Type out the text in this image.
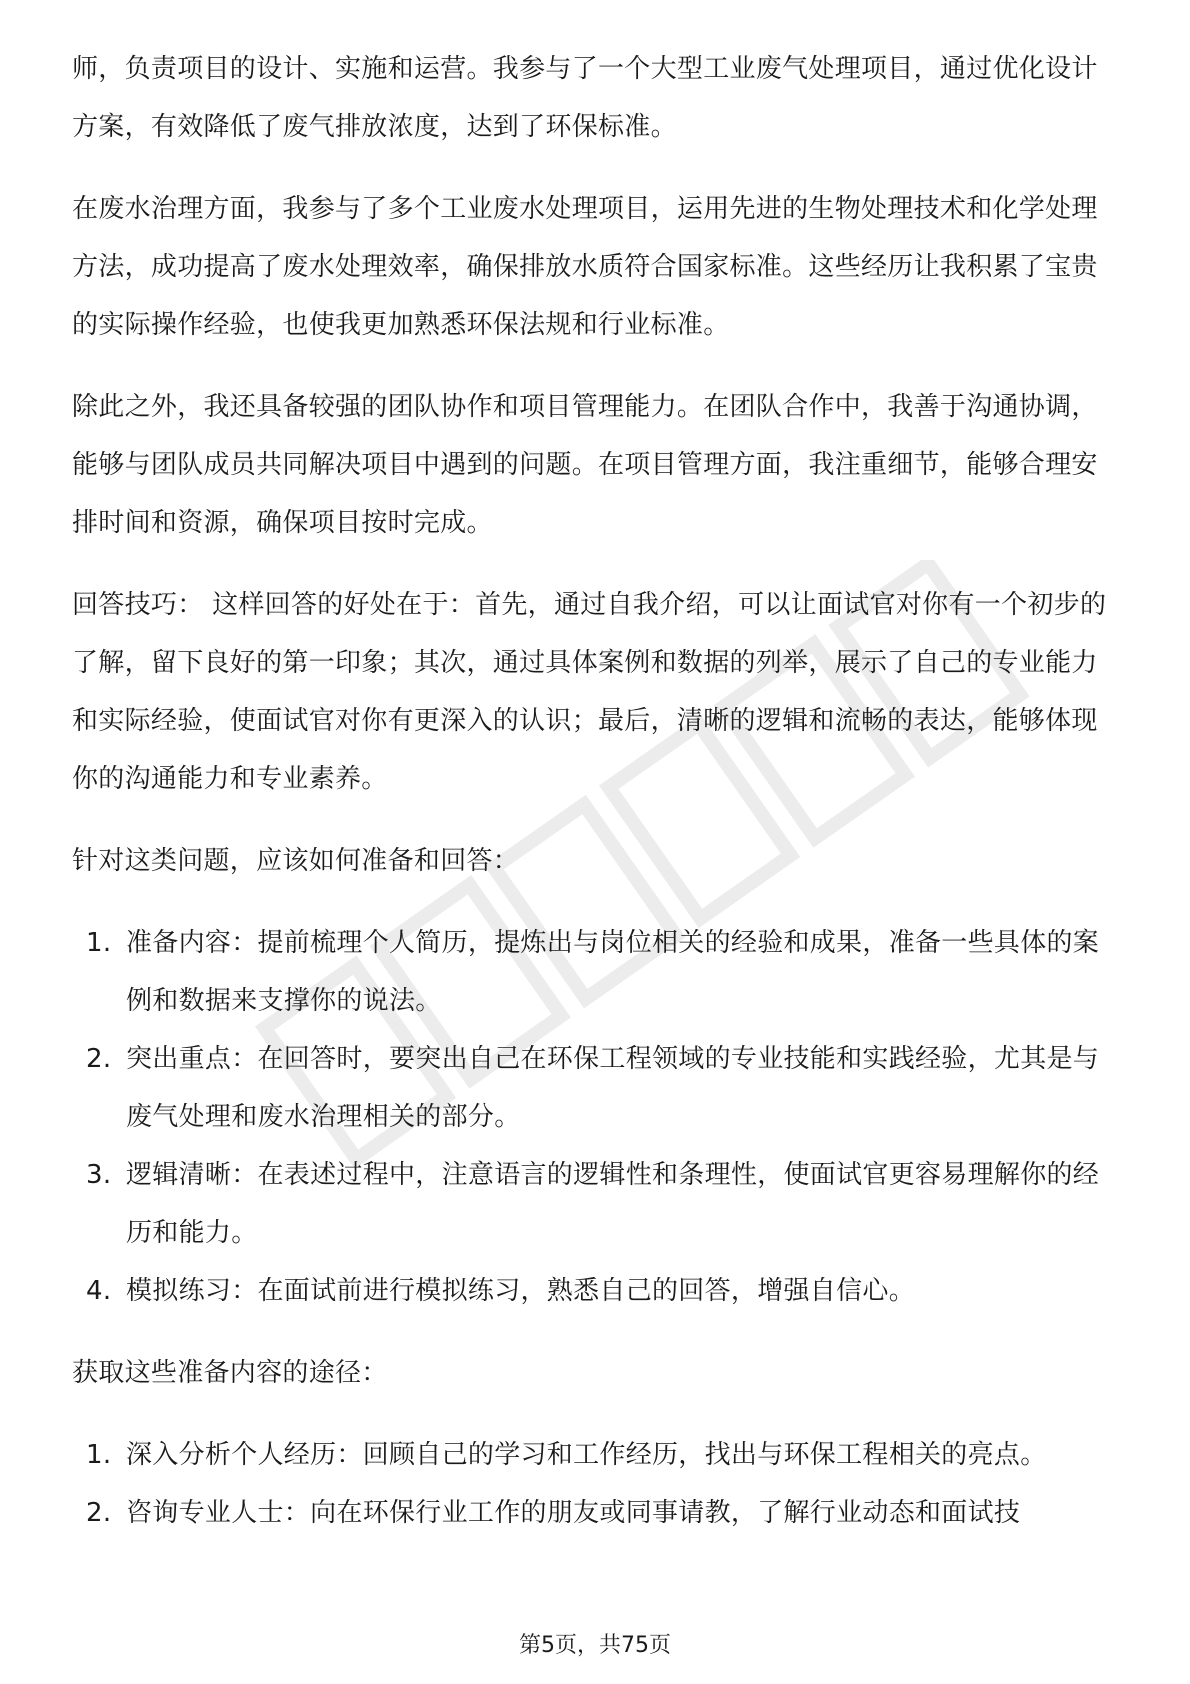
师，负责项目的设计、实施和运营。我参与了一个大型工业废气处理项目，通过优化设计方案，有效降低了废气排放浓度，达到了环保标准。

在废水治理方面，我参与了多个工业废水处理项目，运用先进的生物处理技术和化学处理方法，成功提高了废水处理效率，确保排放水质符合国家标准。这些经历让我积累了宝贵的实际操作经验，也使我更加熟悉环保法规和行业标准。

除此之外，我还具备较强的团队协作和项目管理能力。在团队合作中，我善于沟通协调，能够与团队成员共同解决项目中遇到的问题。在项目管理方面，我注重细节，能够合理安排时间和资源，确保项目按时完成。

回答技巧： 这样回答的好处在于：首先，通过自我介绍，可以让面试官对你有一个初步的了解，留下良好的第一印象；其次，通过具体案例和数据的列举，展示了自己的专业能力和实际经验，使面试官对你有更深入的认识；最后，清晰的逻辑和流畅的表达，能够体现你的沟通能力和专业素养。

针对这类问题，应该如何准备和回答：

1. 准备内容：提前梳理个人简历，提炼出与岗位相关的经验和成果，准备一些具体的案例和数据来支撑你的说法。
2. 突出重点：在回答时，要突出自己在环保工程领域的专业技能和实践经验，尤其是与废气处理和废水治理相关的部分。
3. 逻辑清晰：在表述过程中，注意语言的逻辑性和条理性，使面试官更容易理解你的经历和能力。
4. 模拟练习：在面试前进行模拟练习，熟悉自己的回答，增强自信心。

获取这些准备内容的途径：

1. 深入分析个人经历：回顾自己的学习和工作经历，找出与环保工程相关的亮点。
2. 咨询专业人士：向在环保行业工作的朋友或同事请教，了解行业动态和面试技
第5页，共75页
